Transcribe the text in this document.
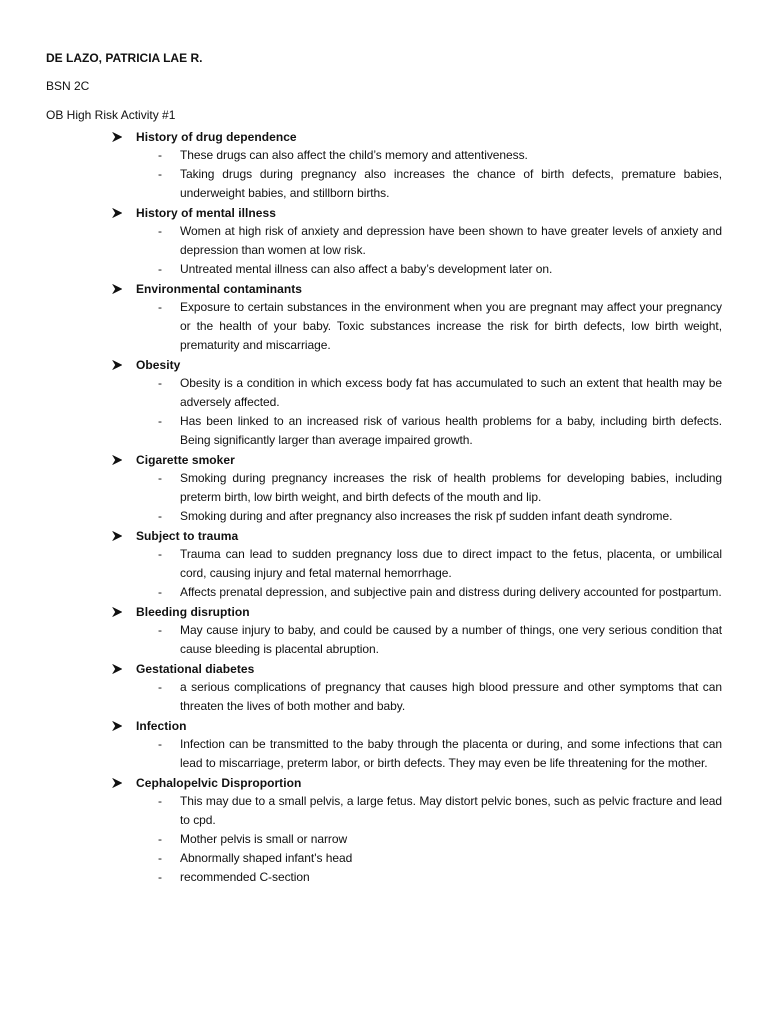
DE LAZO, PATRICIA LAE R.

BSN 2C

OB High Risk Activity #1

History of drug dependence
- These drugs can also affect the child’s memory and attentiveness.
- Taking drugs during pregnancy also increases the chance of birth defects, premature babies, underweight babies, and stillborn births.
History of mental illness
- Women at high risk of anxiety and depression have been shown to have greater levels of anxiety and depression than women at low risk.
- Untreated mental illness can also affect a baby’s development later on.
Environmental contaminants
- Exposure to certain substances in the environment when you are pregnant may affect your pregnancy or the health of your baby. Toxic substances increase the risk for birth defects, low birth weight, prematurity and miscarriage.
Obesity
- Obesity is a condition in which excess body fat has accumulated to such an extent that health may be adversely affected.
- Has been linked to an increased risk of various health problems for a baby, including birth defects. Being significantly larger than average impaired growth.
Cigarette smoker
- Smoking during pregnancy increases the risk of health problems for developing babies, including preterm birth, low birth weight, and birth defects of the mouth and lip.
- Smoking during and after pregnancy also increases the risk pf sudden infant death syndrome.
Subject to trauma
- Trauma can lead to sudden pregnancy loss due to direct impact to the fetus, placenta, or umbilical cord, causing injury and fetal maternal hemorrhage.
- Affects prenatal depression, and subjective pain and distress during delivery accounted for postpartum.
Bleeding disruption
- May cause injury to baby, and could be caused by a number of things, one very serious condition that cause bleeding is placental abruption.
Gestational diabetes
- a serious complications of pregnancy that causes high blood pressure and other symptoms that can threaten the lives of both mother and baby.
Infection
- Infection can be transmitted to the baby through the placenta or during, and some infections that can lead to miscarriage, preterm labor, or birth defects. They may even be life threatening for the mother.
Cephalopelvic Disproportion
- This may due to a small pelvis, a large fetus. May distort pelvic bones, such as pelvic fracture and lead to cpd.
- Mother pelvis is small or narrow
- Abnormally shaped infant's head
- recommended C-section
